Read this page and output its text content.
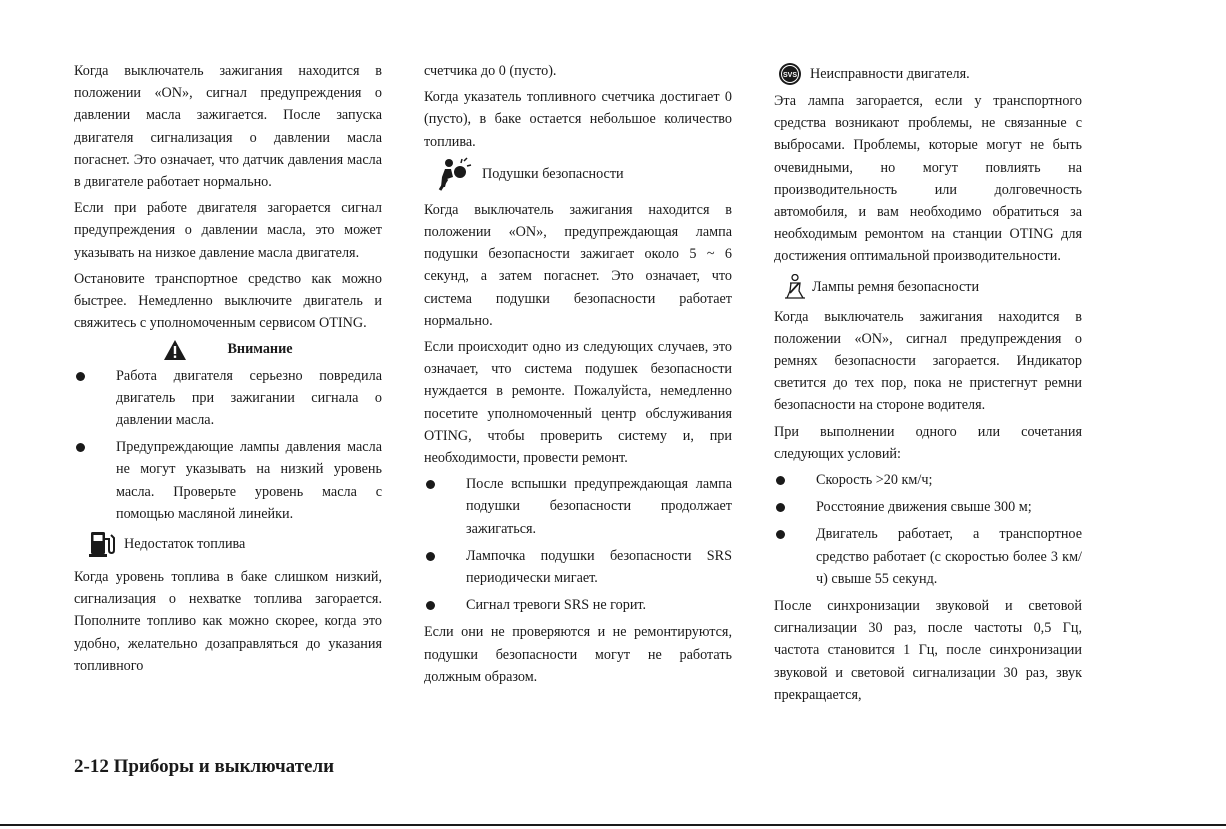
Когда выключатель зажигания находится в положении «ON», сигнал предупреждения о давлении масла зажигается. После запуска двигателя сигнализация о давлении масла погаснет. Это означает, что датчик давления масла в двигателе работает нормально.

Если при работе двигателя загорается сигнал предупреждения о давлении масла, это может указывать на низкое давление масла двигателя.

Остановите транспортное средство как можно быстрее. Немедленно выключите двигатель и свяжитесь с уполномоченным сервисом OTING.

Внимание
Работа двигателя серьезно повредила двигатель при зажигании сигнала о давлении масла.
Предупреждающие лампы давления масла не могут указывать на низкий уровень масла. Проверьте уровень масла с помощью масляной линейки.
Недостаток топлива

Когда уровень топлива в баке слишком низкий, сигнализация о нехватке топлива загорается. Пополните топливо как можно скорее, когда это удобно, желательно дозаправляться до указания топливного

счетчика до 0 (пусто).

Когда указатель топливного счетчика достигает 0 (пусто), в баке остается небольшое количество топлива.

Подушки безопасности

Когда выключатель зажигания находится в положении «ON», предупреждающая лампа подушки безопасности зажигает около 5 ~ 6 секунд, а затем погаснет. Это означает, что система подушки безопасности работает нормально.

Если происходит одно из следующих случаев, это означает, что система подушек безопасности нуждается в ремонте. Пожалуйста, немедленно посетите уполномоченный центр обслуживания OTING, чтобы проверить систему и, при необходимости, провести ремонт.

После вспышки предупреждающая лампа подушки безопасности продолжает зажигаться.
Лампочка подушки безопасности SRS периодически мигает.
Сигнал тревоги SRS не горит.

Если они не проверяются и не ремонтируются, подушки безопасности могут не работать должным образом.

SVS Неисправности двигателя.

Эта лампа загорается, если у транспортного средства возникают проблемы, не связанные с выбросами. Проблемы, которые могут не быть очевидными, но могут повлиять на производительность или долговечность автомобиля, и вам необходимо обратиться за необходимым ремонтом на станции OTING для достижения оптимальной производительности.

Лампы ремня безопасности

Когда выключатель зажигания находится в положении «ON», сигнал предупреждения о ремнях безопасности загорается. Индикатор светится до тех пор, пока не пристегнут ремни безопасности на стороне водителя.

При выполнении одного или сочетания следующих условий:

Скорость >20 км/ч;
Росстояние движения свыше 300 м;
Двигатель работает, а транспортное средство работает (с скоростью более 3 км/ч) свыше 55 секунд.

После синхронизации звуковой и световой сигнализации 30 раз, после частоты 0,5 Гц, частота становится 1 Гц, после синхронизации звуковой и световой сигнализации 30 раз, звук прекращается,

2-12 Приборы и выключатели
